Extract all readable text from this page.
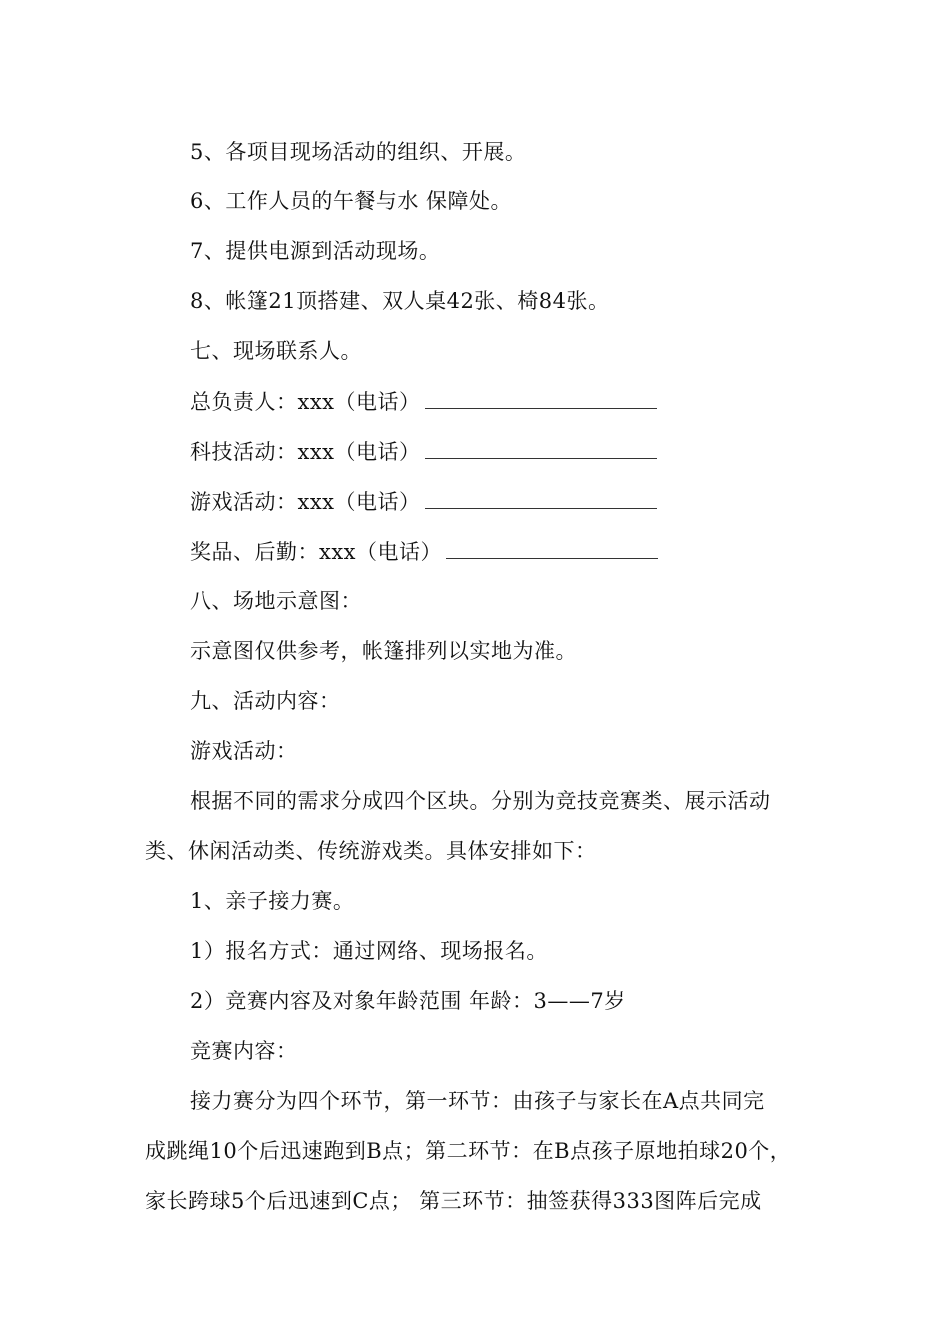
5、各项目现场活动的组织、开展。
6、工作人员的午餐与水 保障处。
7、提供电源到活动现场。
8、帐篷21顶搭建、双人桌42张、椅84张。
七、现场联系人。
总负责人：xxx（电话）
科技活动：xxx（电话）
游戏活动：xxx（电话）
奖品、后勤：xxx（电话）
八、场地示意图：
示意图仅供参考，帐篷排列以实地为准。
九、活动内容：
游戏活动：
根据不同的需求分成四个区块。分别为竞技竞赛类、展示活动
类、休闲活动类、传统游戏类。具体安排如下：
1、亲子接力赛。
1）报名方式：通过网络、现场报名。
2）竞赛内容及对象年龄范围 年龄：3——7岁
竞赛内容：
接力赛分为四个环节，第一环节：由孩子与家长在A点共同完
成跳绳10个后迅速跑到B点；第二环节：在B点孩子原地拍球20个，
家长跨球5个后迅速到C点； 第三环节：抽签获得333图阵后完成
